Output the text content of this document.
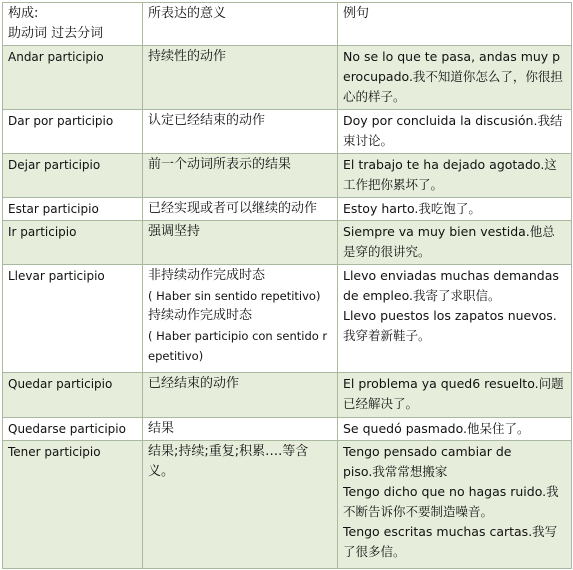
构成:
助动词 过去分词	所表达的意义	例句

Andar participio	持续性的动作	No se lo que te pasa, andas muy perocupado.我不知道你怎么了，你很担心的样子。

Dar por participio	认定已经结束的动作	Doy por concluida la discusión.我结束讨论。

Dejar participio	前一个动词所表示的结果	El trabajo te ha dejado agotado.这工作把你累坏了。

Estar participio	已经实现或者可以继续的动作	Estoy harto.我吃饱了。

Ir participio	强调坚持	Siempre va muy bien vestida.他总是穿的很讲究。

Llevar participio	非持续动作完成时态
( Haber sin sentido repetitivo)
持续动作完成时态
( Haber participio con sentido repetitivo)	Llevo enviadas muchas demandas de empleo.我寄了求职信。
Llevo puestos los zapatos nuevos.我穿着新鞋子。

Quedar participio	已经结束的动作	El problema ya qued6 resuelto.问题已经解决了。

Quedarse participio	结果	Se quedó pasmado.他呆住了。

Tener participio	结果;持续;重复;积累….等含义。	Tengo pensado cambiar de
piso.我常常想搬家
Tengo dicho que no hagas ruido.我不断告诉你不要制造噪音。
Tengo escritas muchas cartas.我写了很多信。
